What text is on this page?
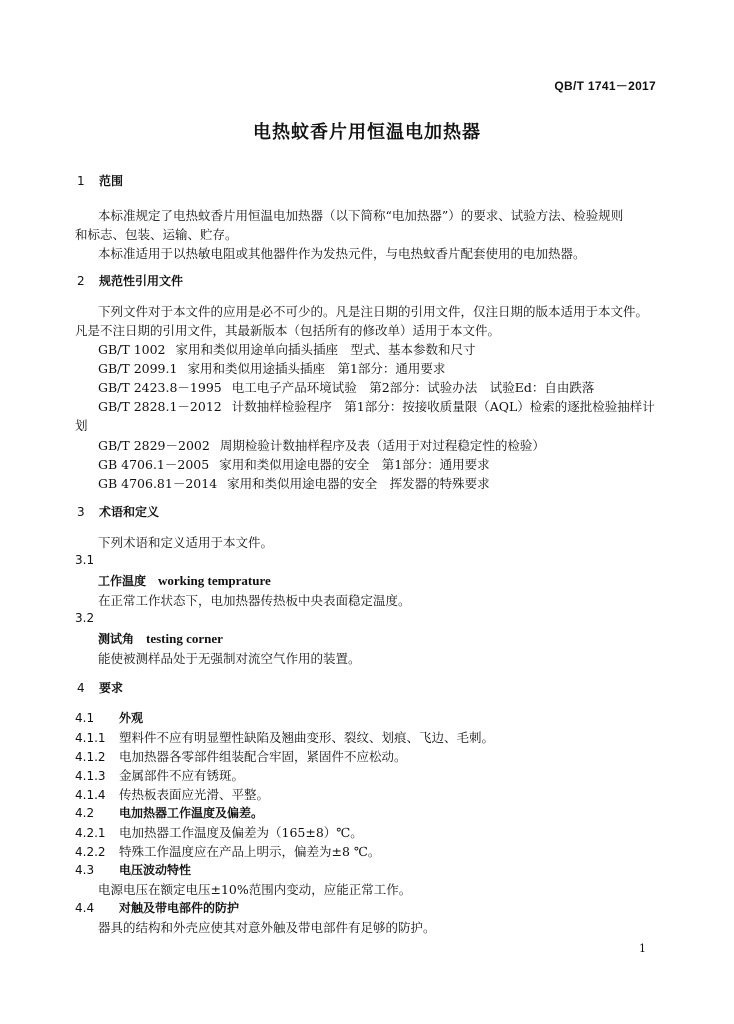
QB/T 1741－2017
电热蚊香片用恒温电加热器
1 范围
本标准规定了电热蚊香片用恒温电加热器（以下简称“电加热器”）的要求、试验方法、检验规则
和标志、包装、运输、贮存。
本标准适用于以热敏电阻或其他器件作为发热元件，与电热蚊香片配套使用的电加热器。
2 规范性引用文件
下列文件对于本文件的应用是必不可少的。凡是注日期的引用文件，仅注日期的版本适用于本文件。
凡是不注日期的引用文件，其最新版本（包括所有的修改单）适用于本文件。
GB/T 1002 家用和类似用途单向插头插座　型式、基本参数和尺寸
GB/T 2099.1 家用和类似用途插头插座　第1部分：通用要求
GB/T 2423.8－1995 电工电子产品环境试验　第2部分：试验办法　试验Ed：自由跌落
GB/T 2828.1－2012 计数抽样检验程序　第1部分：按接收质量限（AQL）检索的逐批检验抽样计
划
GB/T 2829－2002 周期检验计数抽样程序及表（适用于对过程稳定性的检验）
GB 4706.1－2005 家用和类似用途电器的安全　第1部分：通用要求
GB 4706.81－2014 家用和类似用途电器的安全　挥发器的特殊要求
3 术语和定义
下列术语和定义适用于本文件。
3.1
工作温度 working temprature
在正常工作状态下，电加热器传热板中央表面稳定温度。
3.2
测试角 testing corner
能使被测样品处于无强制对流空气作用的装置。
4 要求
4.1 外观
4.1.1 塑料件不应有明显塑性缺陷及翘曲变形、裂纹、划痕、飞边、毛刺。
4.1.2 电加热器各零部件组装配合牢固，紧固件不应松动。
4.1.3 金属部件不应有锈斑。
4.1.4 传热板表面应光滑、平整。
4.2 电加热器工作温度及偏差。
4.2.1 电加热器工作温度及偏差为（165±8）℃。
4.2.2 特殊工作温度应在产品上明示，偏差为±8 ℃。
4.3 电压波动特性
电源电压在额定电压±10%范围内变动，应能正常工作。
4.4 对触及带电部件的防护
器具的结构和外壳应使其对意外触及带电部件有足够的防护。
1
